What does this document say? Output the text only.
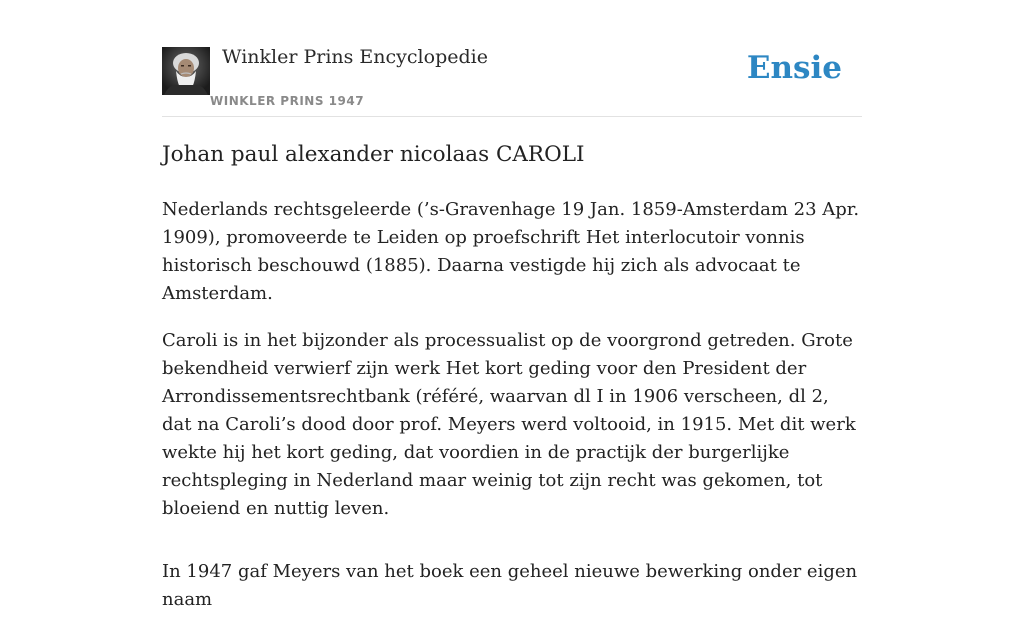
Winkler Prins Encyclopedie
WINKLER PRINS 1947
Ensie
Johan paul alexander nicolaas CAROLI

Nederlands rechtsgeleerde (’s-Gravenhage 19 Jan. 1859-Amsterdam 23 Apr. 1909), promoveerde te Leiden op proefschrift Het interlocutoir vonnis historisch beschouwd (1885). Daarna vestigde hij zich als advocaat te Amsterdam.

Caroli is in het bijzonder als processualist op de voorgrond getreden. Grote bekendheid verwierf zijn werk Het kort geding voor den President der Arrondissementsrechtbank (référé, waarvan dl I in 1906 verscheen, dl 2, dat na Caroli’s dood door prof. Meyers werd voltooid, in 1915. Met dit werk wekte hij het kort geding, dat voordien in de practijk der burgerlijke rechtspleging in Nederland maar weinig tot zijn recht was gekomen, tot bloeiend en nuttig leven.

In 1947 gaf Meyers van het boek een geheel nieuwe bewerking onder eigen naam
